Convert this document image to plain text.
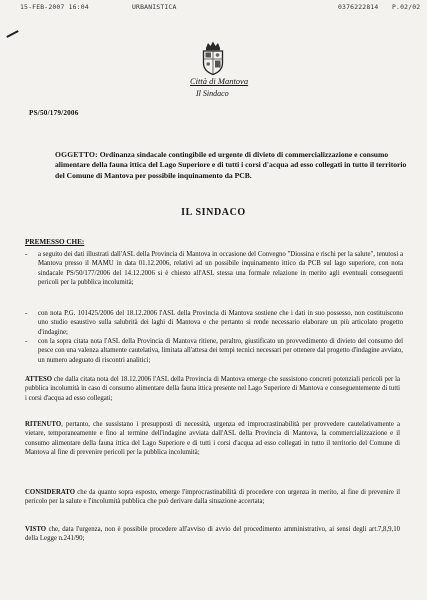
15-FEB-2007 16:04	URBANISTICA	0376222814 P.02/02
Città di Mantova
Il Sindaco
PS/50/179/2006
OGGETTO: Ordinanza sindacale contingibile ed urgente di divieto di commercializzazione e consumo alimentare della fauna ittica del Lago Superiore e di tutti i corsi d'acqua ad esso collegati in tutto il territorio del Comune di Mantova per possibile inquinamento da PCB.
IL SINDACO
PREMESSO CHE:
- a seguito dei dati illustrati dall'ASL della Provincia di Mantova in occasione del Convegno "Diossina e rischi per la salute", tenutosi a Mantova presso il MAMU in data 01.12.2006, relativi ad un possibile inquinamento ittico da PCB sul lago superiore, con nota sindacale PS/50/177/2006 del 14.12.2006 si è chiesto all'ASL stessa una formale relazione in merito agli eventuali conseguenti pericoli per la pubblica incolumità;
- con nota P.G. 101425/2006 del 18.12.2006 l'ASL della Provincia di Mantova sostiene che i dati in suo possesso, non costituiscono uno studio esaustivo sulla salubrità dei laghi di Mantova e che pertanto si rende necessario elaborare un più articolato progetto d'indagine;
- con la sopra citata nota l'ASL della Provincia di Mantova ritiene, peraltro, giustificato un provvedimento di divieto del consumo del pesce con una valenza altamente cautelativa, limitata all'attesa dei tempi tecnici necessari per ottenere dal progetto d'indagine avviato, un numero adeguato di riscontri analitici;
ATTESO che dalla citata nota del 18.12.2006 l'ASL della Provincia di Mantova emerge che sussistono concreti potenziali pericoli per la pubblica incolumità in caso di consumo alimentare della fauna ittica presente nel Lago Superiore di Mantova e conseguentemente di tutti i corsi d'acqua ad esso collegati;
RITENUTO, pertanto, che sussistano i presupposti di necessità, urgenza ed improcrastinabilità per provvedere cautelativamente a vietare, temporaneamente e fino al termine dell'indagine avviata dall'ASL della Provincia di Mantova, la commercializzazione e il consumo alimentare della fauna ittica del Lago Superiore e di tutti i corsi d'acqua ad esso collegati in tutto il territorio del Comune di Mantova al fine di prevenire pericoli per la pubblica incolumità;
CONSIDERATO che da quanto sopra esposto, emerge l'improcrastinabilità di procedere con urgenza in merito, al fine di prevenire il pericolo per la salute e l'incolumità pubblica che può derivare dalla situazione accertata;
VISTO che, data l'urgenza, non è possibile procedere all'avviso di avvio del procedimento amministrativo, ai sensi degli art.7,8,9,10 della Legge n.241/90;
